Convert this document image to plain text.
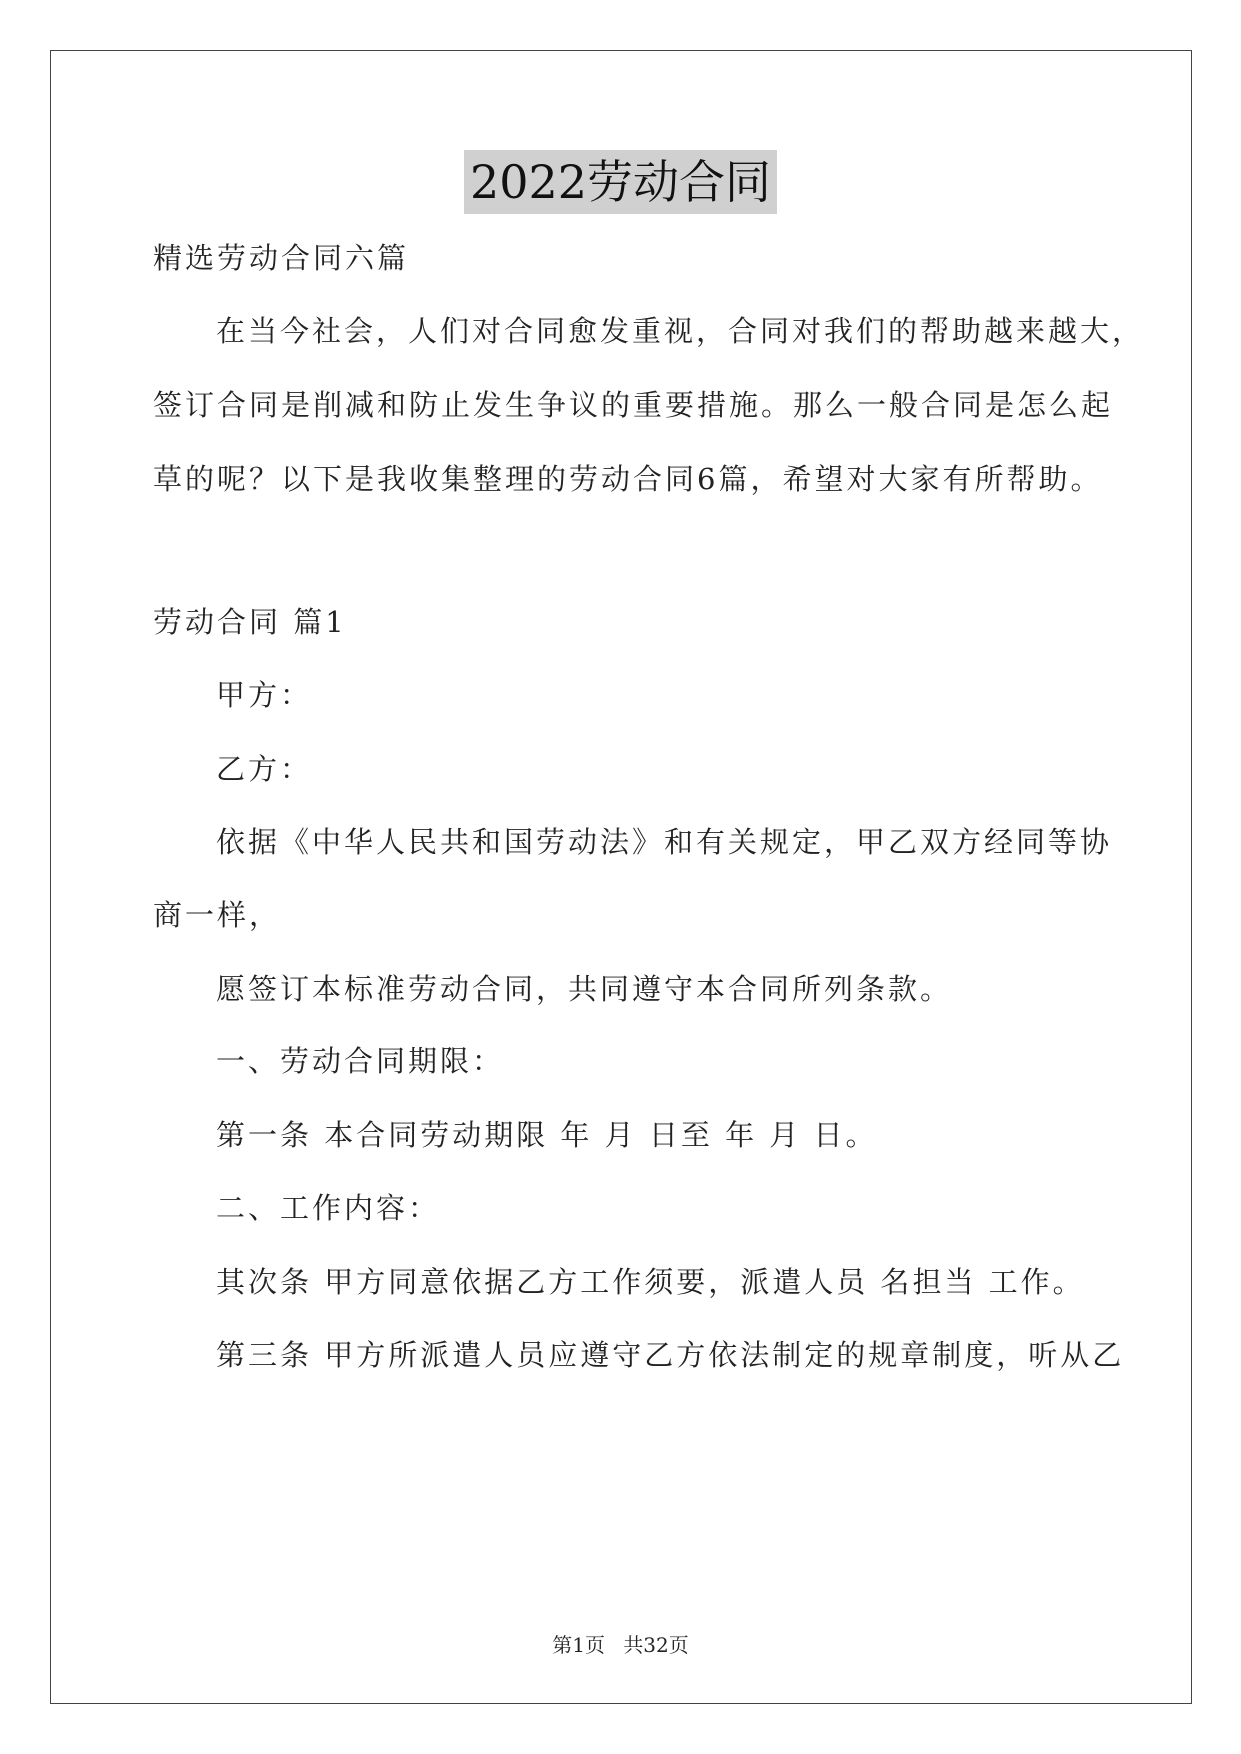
2022劳动合同
精选劳动合同六篇
在当今社会，人们对合同愈发重视，合同对我们的帮助越来越大，
签订合同是削减和防止发生争议的重要措施。那么一般合同是怎么起
草的呢？以下是我收集整理的劳动合同6篇，希望对大家有所帮助。
劳动合同 篇1
甲方：
乙方：
依据《中华人民共和国劳动法》和有关规定，甲乙双方经同等协
商一样，
愿签订本标准劳动合同，共同遵守本合同所列条款。
一、劳动合同期限：
第一条 本合同劳动期限 年 月 日至 年 月 日。
二、工作内容：
其次条 甲方同意依据乙方工作须要，派遣人员 名担当 工作。
第三条 甲方所派遣人员应遵守乙方依法制定的规章制度，听从乙
第1页 共32页
